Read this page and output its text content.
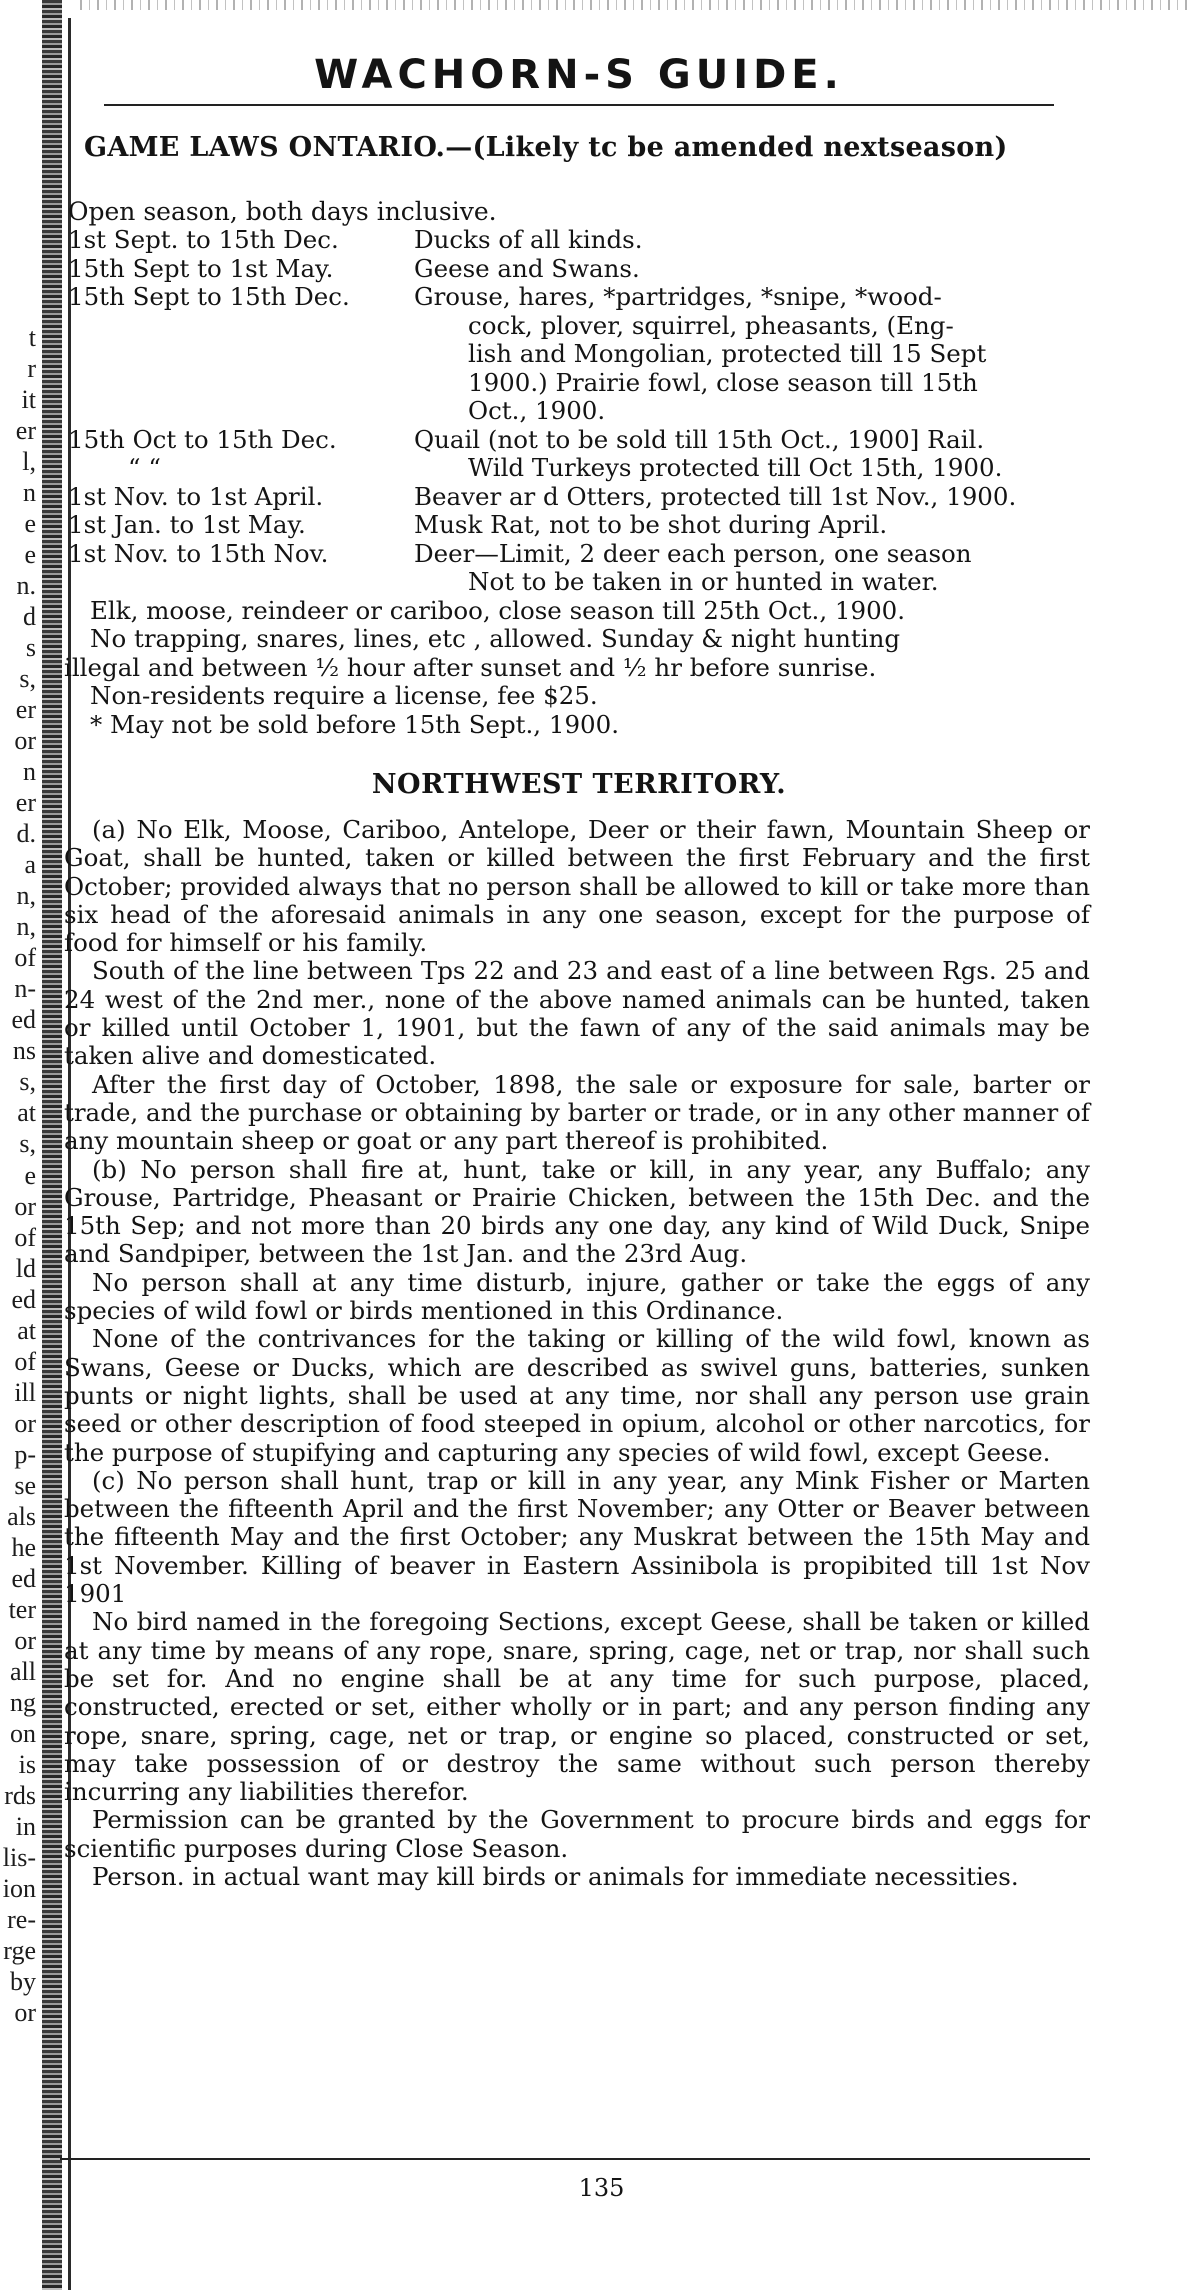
t
r
it
er
l,
n
e
e
n.
d
s
s,
er
or
n
er
d.
a
n,
n,
of
n-
ed
ns
s,
at
s,
e
or
of
ld
ed
at
of
ill
or
p-
se
als
he
ed
ter
or
all
ng
on
is
rds
in
lis-
ion
re-
rge
by
or
WACHORN-S GUIDE.
GAME LAWS ONTARIO.—(Likely tc be amended nextseason)
Open season, both days inclusive.
1st Sept. to 15th Dec.	Ducks of all kinds.
15th Sept to 1st May.	Geese and Swans.
15th Sept to 15th Dec.	Grouse, hares, *partridges, *snipe, *wood-
	cock, plover, squirrel, pheasants, (Eng-
	lish and Mongolian, protected till 15 Sept
	1900.) Prairie fowl, close season till 15th
	Oct., 1900.
15th Oct to 15th Dec.	Quail (not to be sold till 15th Oct., 1900] Rail.
“ “	Wild Turkeys protected till Oct 15th, 1900.
1st Nov. to 1st April.	Beaver ar d Otters, protected till 1st Nov., 1900.
1st Jan. to 1st May.	Musk Rat, not to be shot during April.
1st Nov. to 15th Nov.	Deer—Limit, 2 deer each person, one season
	Not to be taken in or hunted in water.

Elk, moose, reindeer or cariboo, close season till 25th Oct., 1900.

No trapping, snares, lines, etc , allowed. Sunday & night hunting

illegal and between ½ hour after sunset and ½ hr before sunrise.

Non-residents require a license, fee $25.

* May not be sold before 15th Sept., 1900.

NORTHWEST TERRITORY.

(a) No Elk, Moose, Cariboo, Antelope, Deer or their fawn, Mountain Sheep or Goat, shall be hunted, taken or killed between the first February and the first October; provided always that no person shall be allowed to kill or take more than six head of the aforesaid animals in any one season, except for the purpose of food for himself or his family.

South of the line between Tps 22 and 23 and east of a line between Rgs. 25 and 24 west of the 2nd mer., none of the above named animals can be hunted, taken or killed until October 1, 1901, but the fawn of any of the said animals may be taken alive and domesticated.

After the first day of October, 1898, the sale or exposure for sale, barter or trade, and the purchase or obtaining by barter or trade, or in any other manner of any mountain sheep or goat or any part thereof is prohibited.

(b) No person shall fire at, hunt, take or kill, in any year, any Buffalo; any Grouse, Partridge, Pheasant or Prairie Chicken, between the 15th Dec. and the 15th Sep; and not more than 20 birds any one day, any kind of Wild Duck, Snipe and Sandpiper, between the 1st Jan. and the 23rd Aug.

No person shall at any time disturb, injure, gather or take the eggs of any species of wild fowl or birds mentioned in this Ordinance.

None of the contrivances for the taking or killing of the wild fowl, known as Swans, Geese or Ducks, which are described as swivel guns, batteries, sunken punts or night lights, shall be used at any time, nor shall any person use grain seed or other description of food steeped in opium, alcohol or other narcotics, for the purpose of stupifying and capturing any species of wild fowl, except Geese.

(c) No person shall hunt, trap or kill in any year, any Mink Fisher or Marten between the fifteenth April and the first November; any Otter or Beaver between the fifteenth May and the first October; any Muskrat between the 15th May and 1st November. Killing of beaver in Eastern Assinibola is propibited till 1st Nov 1901

No bird named in the foregoing Sections, except Geese, shall be taken or killed at any time by means of any rope, snare, spring, cage, net or trap, nor shall such be set for. And no engine shall be at any time for such purpose, placed, constructed, erected or set, either wholly or in part; and any person finding any rope, snare, spring, cage, net or trap, or engine so placed, constructed or set, may take possession of or destroy the same without such person thereby incurring any liabilities therefor.

Permission can be granted by the Government to procure birds and eggs for scientific purposes during Close Season.

Person. in actual want may kill birds or animals for immediate necessities.

135
